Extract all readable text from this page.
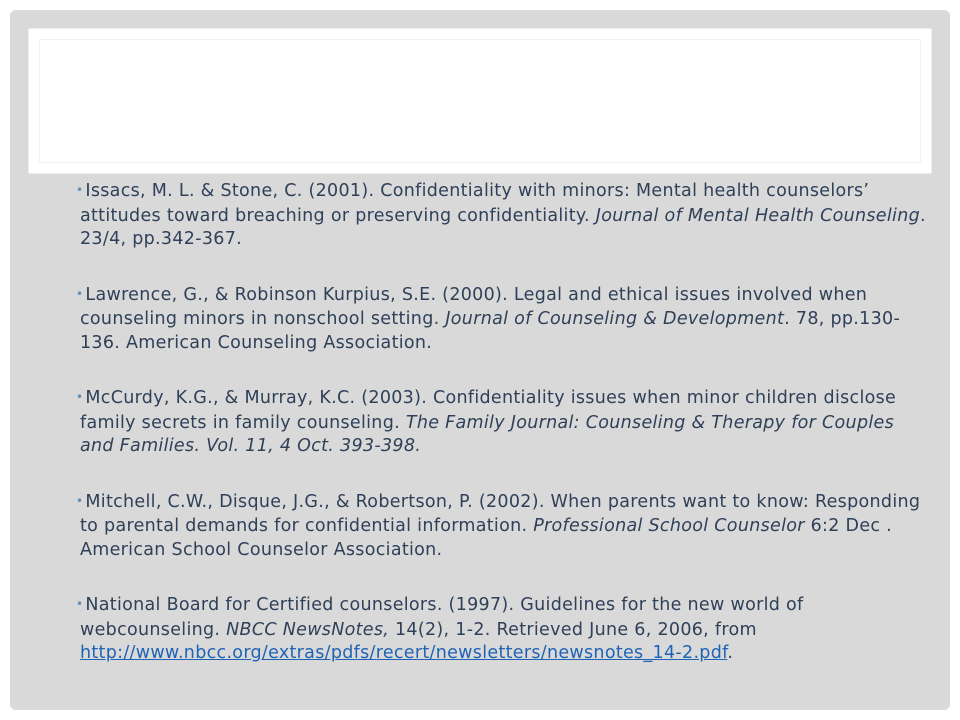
• Issacs, M. L. & Stone, C. (2001). Confidentiality with minors: Mental health counselors’ attitudes toward breaching or preserving confidentiality. Journal of Mental Health Counseling. 23/4, pp.342-367.

• Lawrence, G., & Robinson Kurpius, S.E. (2000). Legal and ethical issues involved when counseling minors in nonschool setting. Journal of Counseling & Development. 78, pp.130-136. American Counseling Association.

• McCurdy, K.G., & Murray, K.C. (2003). Confidentiality issues when minor children disclose family secrets in family counseling. The Family Journal: Counseling & Therapy for Couples and Families. Vol. 11, 4 Oct. 393-398.

• Mitchell, C.W., Disque, J.G., & Robertson, P. (2002). When parents want to know: Responding to parental demands for confidential information. Professional School Counselor 6:2 Dec . American School Counselor Association.

• National Board for Certified counselors. (1997). Guidelines for the new world of webcounseling. NBCC NewsNotes, 14(2), 1-2. Retrieved June 6, 2006, from http://www.nbcc.org/extras/pdfs/recert/newsletters/newsnotes_14-2.pdf.
